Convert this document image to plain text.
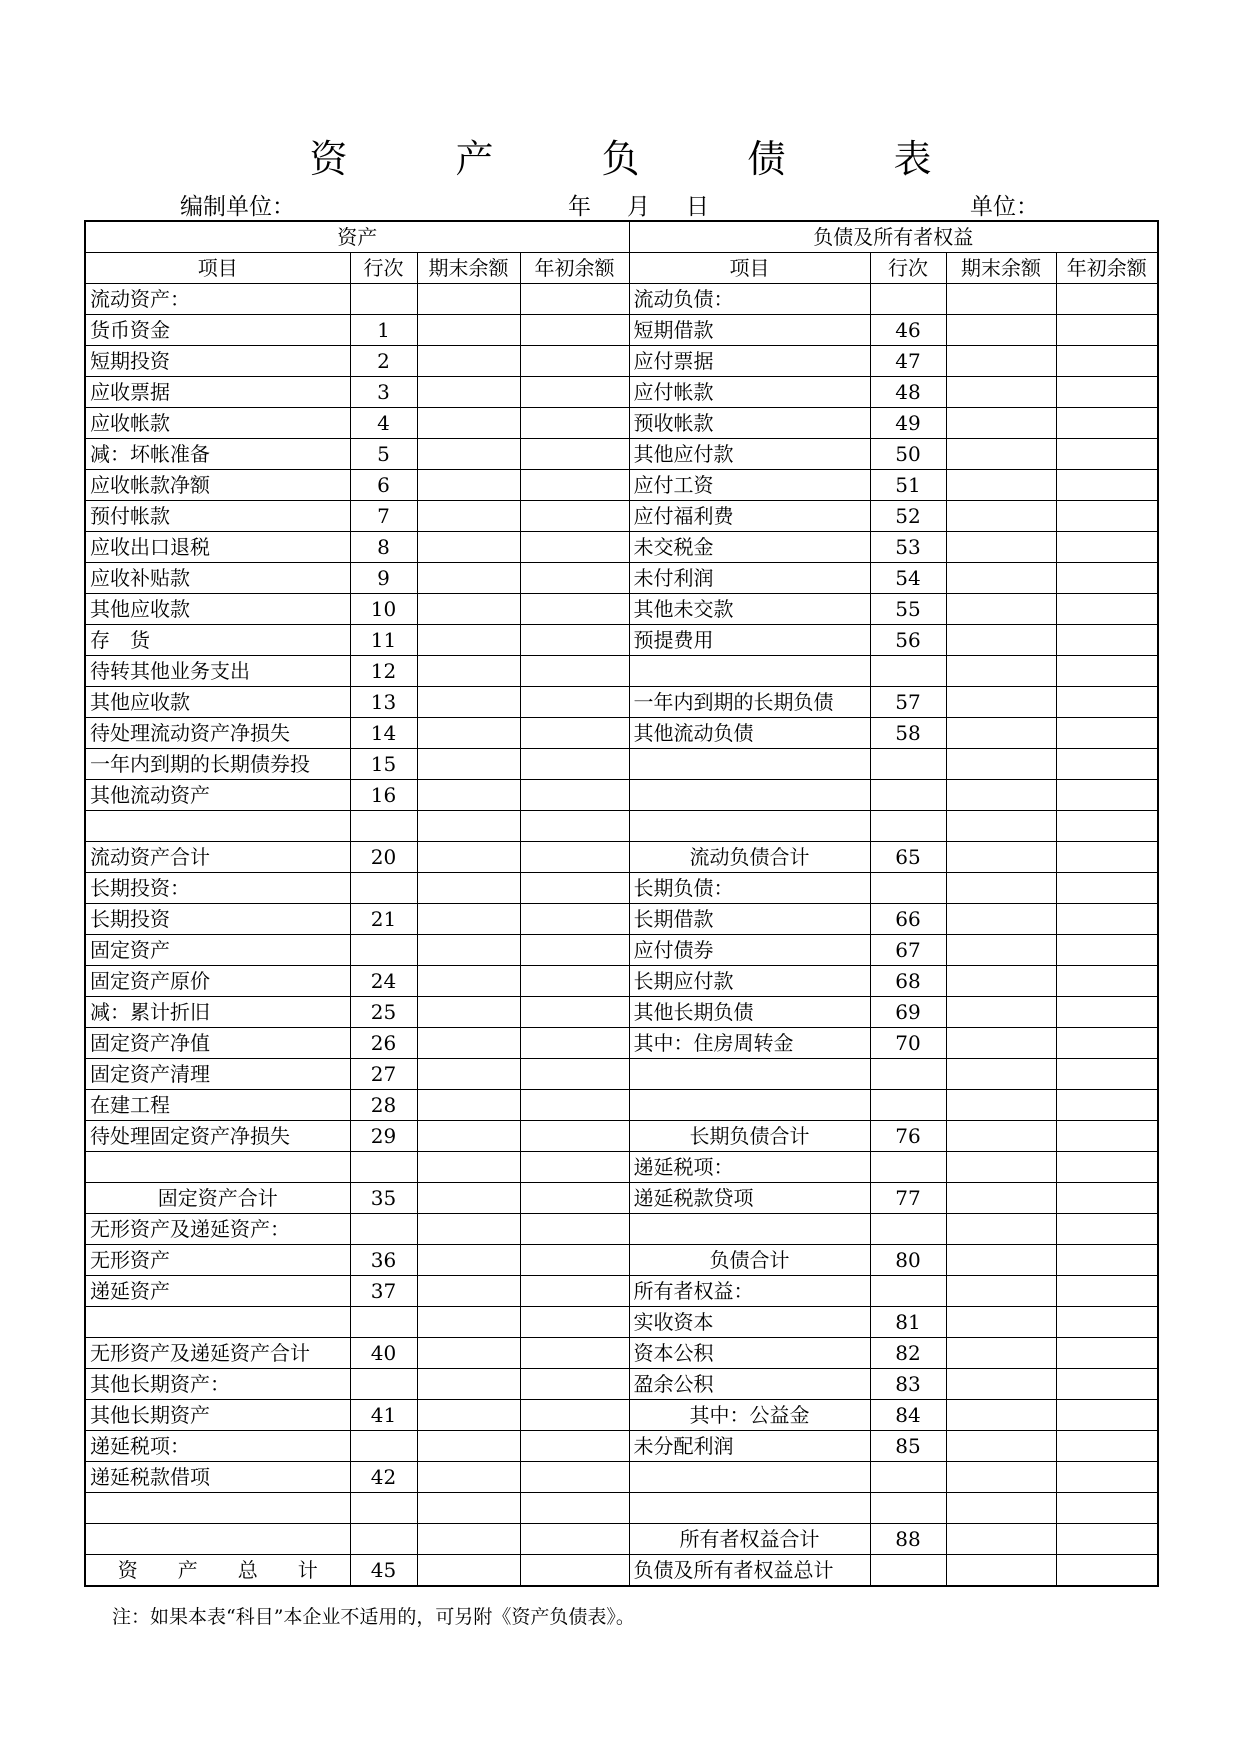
资	产	负	债	表
编制单位：	年 月 日	单位：
资产				负债及所有者权益			
项目	行次	期末余额	年初余额	项目	行次	期末余额	年初余额
流动资产：				流动负债：			
货币资金	1			短期借款	46		
短期投资	2			应付票据	47		
应收票据	3			应付帐款	48		
应收帐款	4			预收帐款	49		
减：坏帐准备	5			其他应付款	50		
应收帐款净额	6			应付工资	51		
预付帐款	7			应付福利费	52		
应收出口退税	8			未交税金	53		
应收补贴款	9			未付利润	54		
其他应收款	10			其他未交款	55		
存　货	11			预提费用	56		
待转其他业务支出	12						
其他应收款	13			一年内到期的长期负债	57		
待处理流动资产净损失	14			其他流动负债	58		
一年内到期的长期债券投	15						
其他流动资产	16						

流动资产合计	20			流动负债合计	65		
长期投资：				长期负债：			
长期投资	21			长期借款	66		
固定资产				应付债券	67		
固定资产原价	24			长期应付款	68		
减：累计折旧	25			其他长期负债	69		
固定资产净值	26			其中：住房周转金	70		
固定资产清理	27						
在建工程	28						
待处理固定资产净损失	29			长期负债合计	76		
				递延税项：			
固定资产合计	35			递延税款贷项	77		
无形资产及递延资产：							
无形资产	36			负债合计	80		
递延资产	37			所有者权益：			
				实收资本	81		
无形资产及递延资产合计	40			资本公积	82		
其他长期资产：				盈余公积	83		
其他长期资产	41			其中：公益金	84		
递延税项：				未分配利润	85		
递延税款借项	42						

				所有者权益合计	88		
资　　产　　总　　计	45			负债及所有者权益总计			
注：如果本表“科目”本企业不适用的，可另附《资产负债表》。
